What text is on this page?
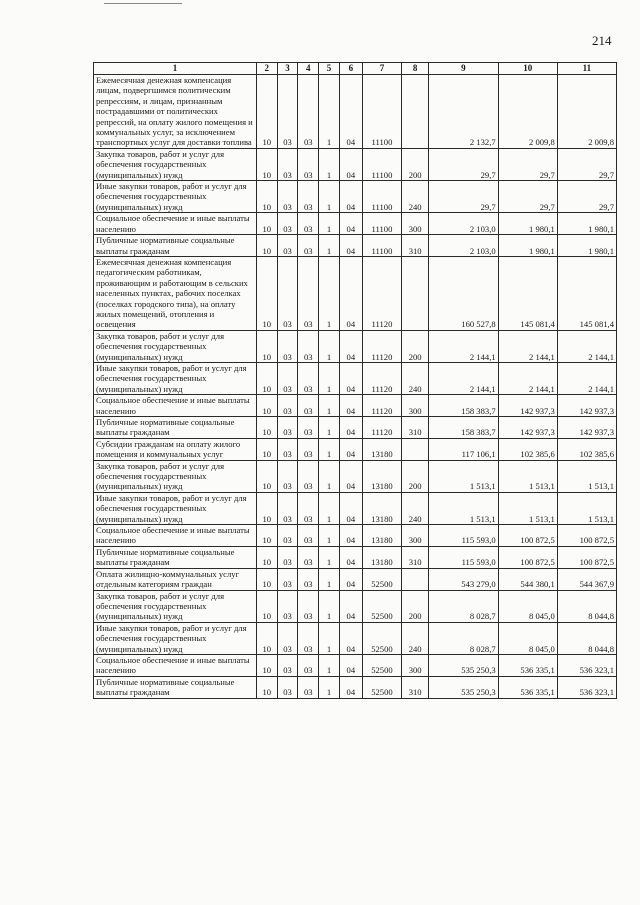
214
1	2	3	4	5	6	7	8	9	10	11
Ежемесячная денежная компенсация лицам, подвергшимся политическим репрессиям, и лицам, признанным пострадавшими от политических репрессий, на оплату жилого помещения и коммунальных услуг, за исключением транспортных услуг для доставки топлива	10	03	03	1	04	11100		2 132,7	2 009,8	2 009,8
Закупка товаров, работ и услуг для обеспечения государственных (муниципальных) нужд	10	03	03	1	04	11100	200	29,7	29,7	29,7
Иные закупки товаров, работ и услуг для обеспечения государственных (муниципальных) нужд	10	03	03	1	04	11100	240	29,7	29,7	29,7
Социальное обеспечение и иные выплаты населению	10	03	03	1	04	11100	300	2 103,0	1 980,1	1 980,1
Публичные нормативные социальные выплаты гражданам	10	03	03	1	04	11100	310	2 103,0	1 980,1	1 980,1
Ежемесячная денежная компенсация педагогическим работникам, проживающим и работающим в сельских населенных пунктах, рабочих поселках (поселках городского типа), на оплату жилых помещений, отопления и освещения	10	03	03	1	04	11120		160 527,8	145 081,4	145 081,4
Закупка товаров, работ и услуг для обеспечения государственных (муниципальных) нужд	10	03	03	1	04	11120	200	2 144,1	2 144,1	2 144,1
Иные закупки товаров, работ и услуг для обеспечения государственных (муниципальных) нужд	10	03	03	1	04	11120	240	2 144,1	2 144,1	2 144,1
Социальное обеспечение и иные выплаты населению	10	03	03	1	04	11120	300	158 383,7	142 937,3	142 937,3
Публичные нормативные социальные выплаты гражданам	10	03	03	1	04	11120	310	158 383,7	142 937,3	142 937,3
Субсидии гражданам на оплату жилого помещения и коммунальных услуг	10	03	03	1	04	13180		117 106,1	102 385,6	102 385,6
Закупка товаров, работ и услуг для обеспечения государственных (муниципальных) нужд	10	03	03	1	04	13180	200	1 513,1	1 513,1	1 513,1
Иные закупки товаров, работ и услуг для обеспечения государственных (муниципальных) нужд	10	03	03	1	04	13180	240	1 513,1	1 513,1	1 513,1
Социальное обеспечение и иные выплаты населению	10	03	03	1	04	13180	300	115 593,0	100 872,5	100 872,5
Публичные нормативные социальные выплаты гражданам	10	03	03	1	04	13180	310	115 593,0	100 872,5	100 872,5
Оплата жилищно-коммунальных услуг отдельным категориям граждан	10	03	03	1	04	52500		543 279,0	544 380,1	544 367,9
Закупка товаров, работ и услуг для обеспечения государственных (муниципальных) нужд	10	03	03	1	04	52500	200	8 028,7	8 045,0	8 044,8
Иные закупки товаров, работ и услуг для обеспечения государственных (муниципальных) нужд	10	03	03	1	04	52500	240	8 028,7	8 045,0	8 044,8
Социальное обеспечение и иные выплаты населению	10	03	03	1	04	52500	300	535 250,3	536 335,1	536 323,1
Публичные нормативные социальные выплаты гражданам	10	03	03	1	04	52500	310	535 250,3	536 335,1	536 323,1
